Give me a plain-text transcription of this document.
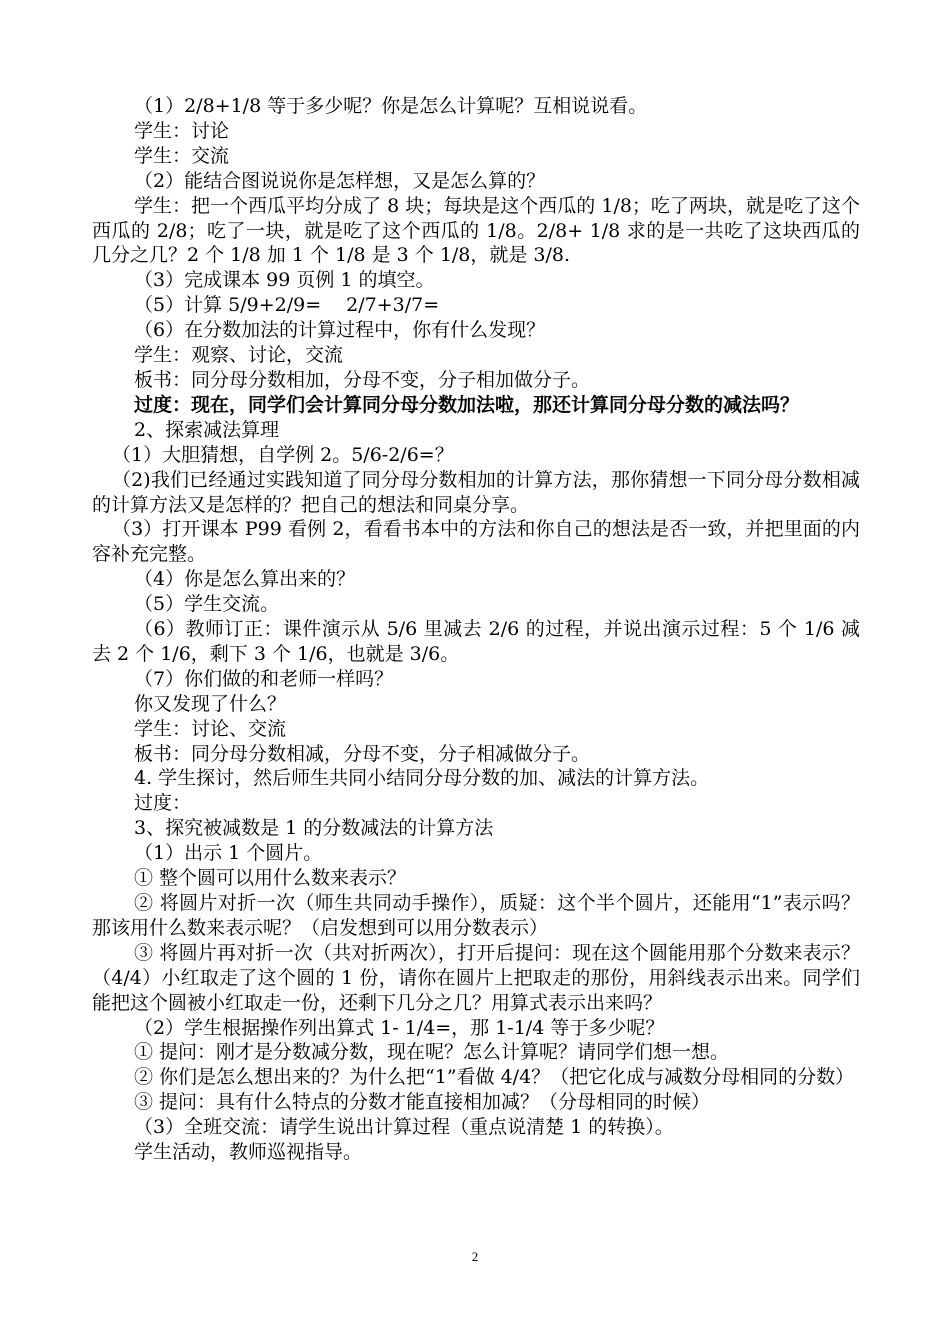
（1）2/8+1/8 等于多少呢？你是怎么计算呢？互相说说看。

学生：讨论

学生：交流

（2）能结合图说说你是怎样想，又是怎么算的？

学生：把一个西瓜平均分成了 8 块；每块是这个西瓜的 1/8；吃了两块，就是吃了这个西瓜的 2/8；吃了一块，就是吃了这个西瓜的 1/8。2/8+ 1/8 求的是一共吃了这块西瓜的几分之几？2 个 1/8 加 1 个 1/8 是 3 个 1/8，就是 3/8.

（3）完成课本 99 页例 1 的填空。

（5）计算 5/9+2/9=　 2/7+3/7=

（6）在分数加法的计算过程中，你有什么发现？

学生：观察、讨论，交流

板书：同分母分数相加，分母不变，分子相加做分子。

过度：现在，同学们会计算同分母分数加法啦，那还计算同分母分数的减法吗？

2、探索减法算理

（1）大胆猜想，自学例 2。5/6-2/6=？

（2)我们已经通过实践知道了同分母分数相加的计算方法，那你猜想一下同分母分数相减的计算方法又是怎样的？把自己的想法和同桌分享。

（3）打开课本 P99 看例 2，看看书本中的方法和你自己的想法是否一致，并把里面的内容补充完整。

（4）你是怎么算出来的？

（5）学生交流。

（6）教师订正：课件演示从 5/6 里减去 2/6 的过程，并说出演示过程：5 个 1/6 减去 2 个 1/6，剩下 3 个 1/6，也就是 3/6。

（7）你们做的和老师一样吗？

你又发现了什么？

学生：讨论、交流

板书：同分母分数相减，分母不变，分子相减做分子。

4. 学生探讨，然后师生共同小结同分母分数的加、减法的计算方法。

过度：

3、探究被减数是 1 的分数减法的计算方法

（1）出示 1 个圆片。

① 整个圆可以用什么数来表示？

② 将圆片对折一次（师生共同动手操作），质疑：这个半个圆片，还能用“1”表示吗？那该用什么数来表示呢？（启发想到可以用分数表示）

③ 将圆片再对折一次（共对折两次），打开后提问：现在这个圆能用那个分数来表示？（4/4）小红取走了这个圆的 1 份，请你在圆片上把取走的那份，用斜线表示出来。同学们能把这个圆被小红取走一份，还剩下几分之几？用算式表示出来吗？

（2）学生根据操作列出算式 1- 1/4=，那 1-1/4 等于多少呢？

① 提问：刚才是分数减分数，现在呢？怎么计算呢？请同学们想一想。

② 你们是怎么想出来的？为什么把“1”看做 4/4？（把它化成与减数分母相同的分数）

③ 提问：具有什么特点的分数才能直接相加减？（分母相同的时候）

（3）全班交流：请学生说出计算过程（重点说清楚 1 的转换）。

学生活动，教师巡视指导。

2
